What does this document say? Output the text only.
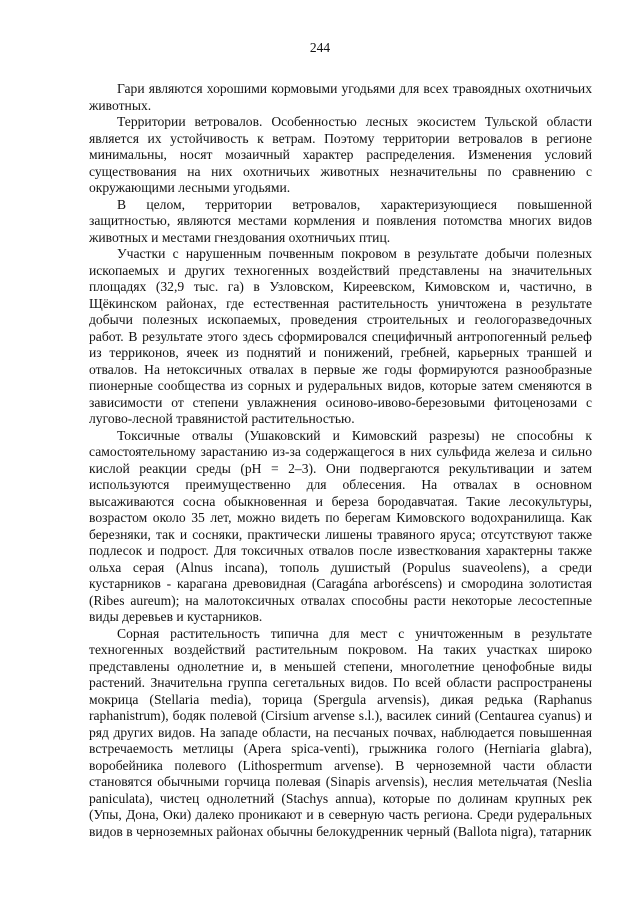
244

Гари являются хорошими кормовыми угодьями для всех травоядных охотничьих животных.

Территории ветровалов. Особенностью лесных экосистем Тульской области является их устойчивость к ветрам. Поэтому территории ветровалов в регионе минимальны, носят мозаичный характер распределения. Изменения условий существования на них охотничьих животных незначительны по сравнению с окружающими лесными угодьями.

В целом, территории ветровалов, характеризующиеся повышенной защитностью, являются местами кормления и появления потомства многих видов животных и местами гнездования охотничьих птиц.

Участки с нарушенным почвенным покровом в результате добычи полезных ископаемых и других техногенных воздействий представлены на значительных площадях (32,9 тыс. га) в Узловском, Киреевском, Кимовском и, частично, в Щёкинском районах, где естественная растительность уничтожена в результате добычи полезных ископаемых, проведения строительных и геологоразведочных работ. В результате этого здесь сформировался специфичный антропогенный рельеф из терриконов, ячеек из поднятий и понижений, гребней, карьерных траншей и отвалов. На нетоксичных отвалах в первые же годы формируются разнообразные пионерные сообщества из сорных и рудеральных видов, которые затем сменяются в зависимости от степени увлажнения осиново-ивово-березовыми фитоценозами с лугово-лесной травянистой растительностью.

Токсичные отвалы (Ушаковский и Кимовский разрезы) не способны к самостоятельному зарастанию из-за содержащегося в них сульфида железа и сильно кислой реакции среды (рН = 2–3). Они подвергаются рекультивации и затем используются преимущественно для облесения. На отвалах в основном высаживаются сосна обыкновенная и береза бородавчатая. Такие лесокультуры, возрастом около 35 лет, можно видеть по берегам Кимовского водохранилища. Как березняки, так и сосняки, практически лишены травяного яруса; отсутствуют также подлесок и подрост. Для токсичных отвалов после известкования характерны также ольха серая (Alnus incana), тополь душистый (Populus suaveolens), а среди кустарников - карагана древовидная (Caragána arboréscens) и смородина золотистая (Ribes aureum); на малотоксичных отвалах способны расти некоторые лесостепные виды деревьев и кустарников.

Сорная растительность типична для мест с уничтоженным в результате техногенных воздействий растительным покровом. На таких участках широко представлены однолетние и, в меньшей степени, многолетние ценофобные виды растений. Значительна группа сегетальных видов. По всей области распространены мокрица (Stellaria media), торица (Spergula arvensis), дикая редька (Raphanus raphanistrum), бодяк полевой (Cirsium arvense s.l.), василек синий (Centaurea cyanus) и ряд других видов. На западе области, на песчаных почвах, наблюдается повышенная встречаемость метлицы (Apera spica-venti), грыжника голого (Herniaria glabra), воробейника полевого (Lithospermum arvense). В черноземной части области становятся обычными горчица полевая (Sinapis arvensis), неслия метельчатая (Neslia paniculata), чистец однолетний (Stachys annua), которые по долинам крупных рек (Упы, Дона, Оки) далеко проникают и в северную часть региона. Среди рудеральных видов в черноземных районах обычны белокудренник черный (Ballota nigra), татарник
